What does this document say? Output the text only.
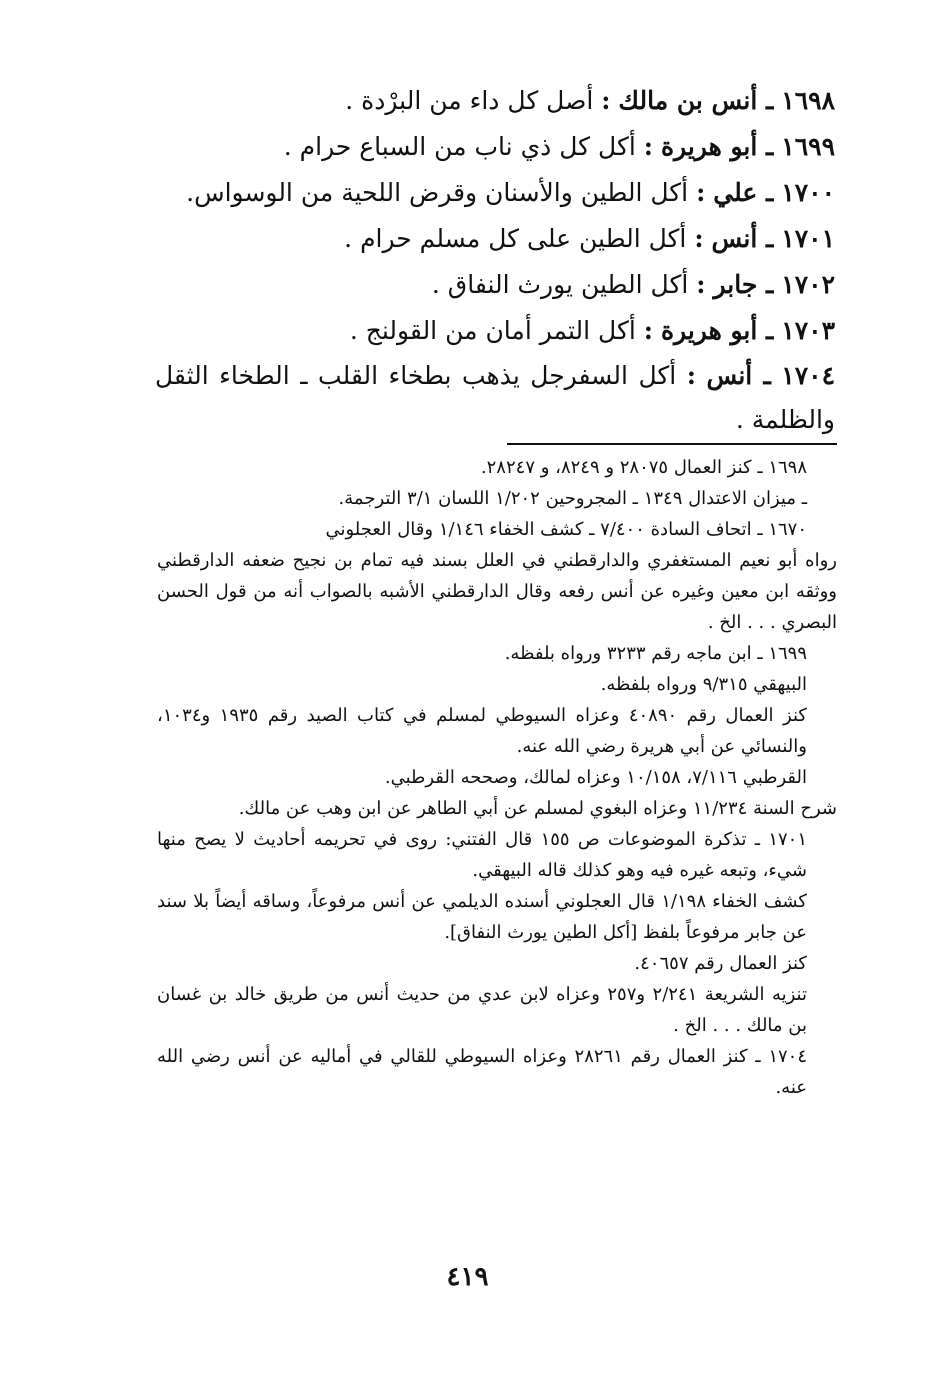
١٦٩٨ ـ أنس بن مالك : أصل كل داء من البرْدة .
١٦٩٩ ـ أبو هريرة : أكل كل ذي ناب من السباع حرام .
١٧٠٠ ـ علي : أكل الطين والأسنان وقرض اللحية من الوسواس.
١٧٠١ ـ أنس : أكل الطين على كل مسلم حرام .
١٧٠٢ ـ جابر : أكل الطين يورث النفاق .
١٧٠٣ ـ أبو هريرة : أكل التمر أمان من القولنج .
١٧٠٤ ـ أنس : أكل السفرجل يذهب بطخاء القلب ـ الطخاء الثقل والظلمة .

١٦٩٨ ـ كنز العمال ٢٨٠٧٥ و ٨٢٤٩، و ٢٨٢٤٧.

ـ ميزان الاعتدال ١٣٤٩ ـ المجروحين ١/٢٠٢ اللسان ٣/١ الترجمة.

١٦٧٠ ـ اتحاف السادة ٧/٤٠٠ ـ كشف الخفاء ١/١٤٦ وقال العجلوني

رواه أبو نعيم المستغفري والدارقطني في العلل بسند فيه تمام بن نجيح ضعفه الدارقطني ووثقه ابن معين وغيره عن أنس رفعه وقال الدارقطني الأشبه بالصواب أنه من قول الحسن البصري . . . الخ .

١٦٩٩ ـ ابن ماجه رقم ٣٢٣٣ ورواه بلفظه.

البيهقي ٩/٣١٥ ورواه بلفظه.

كنز العمال رقم ٤٠٨٩٠ وعزاه السيوطي لمسلم في كتاب الصيد رقم ١٩٣٥ و١٠٣٤، والنسائي عن أبي هريرة رضي الله عنه.

القرطبي ٧/١١٦، ١٠/١٥٨ وعزاه لمالك، وصححه القرطبي.

شرح السنة ١١/٢٣٤ وعزاه البغوي لمسلم عن أبي الطاهر عن ابن وهب عن مالك.

١٧٠١ ـ تذكرة الموضوعات ص ١٥٥ قال الفتني: روى في تحريمه أحاديث لا يصح منها شيء، وتبعه غيره فيه وهو كذلك قاله البيهقي.

كشف الخفاء ١/١٩٨ قال العجلوني أسنده الديلمي عن أنس مرفوعاً، وساقه أيضاً بلا سند عن جابر مرفوعاً بلفظ [أكل الطين يورث النفاق].

كنز العمال رقم ٤٠٦٥٧.

تنزيه الشريعة ٢/٢٤١ و٢٥٧ وعزاه لابن عدي من حديث أنس من طريق خالد بن غسان بن مالك . . . الخ .

١٧٠٤ ـ كنز العمال رقم ٢٨٢٦١ وعزاه السيوطي للقالي في أماليه عن أنس رضي الله عنه.

٤١٩
